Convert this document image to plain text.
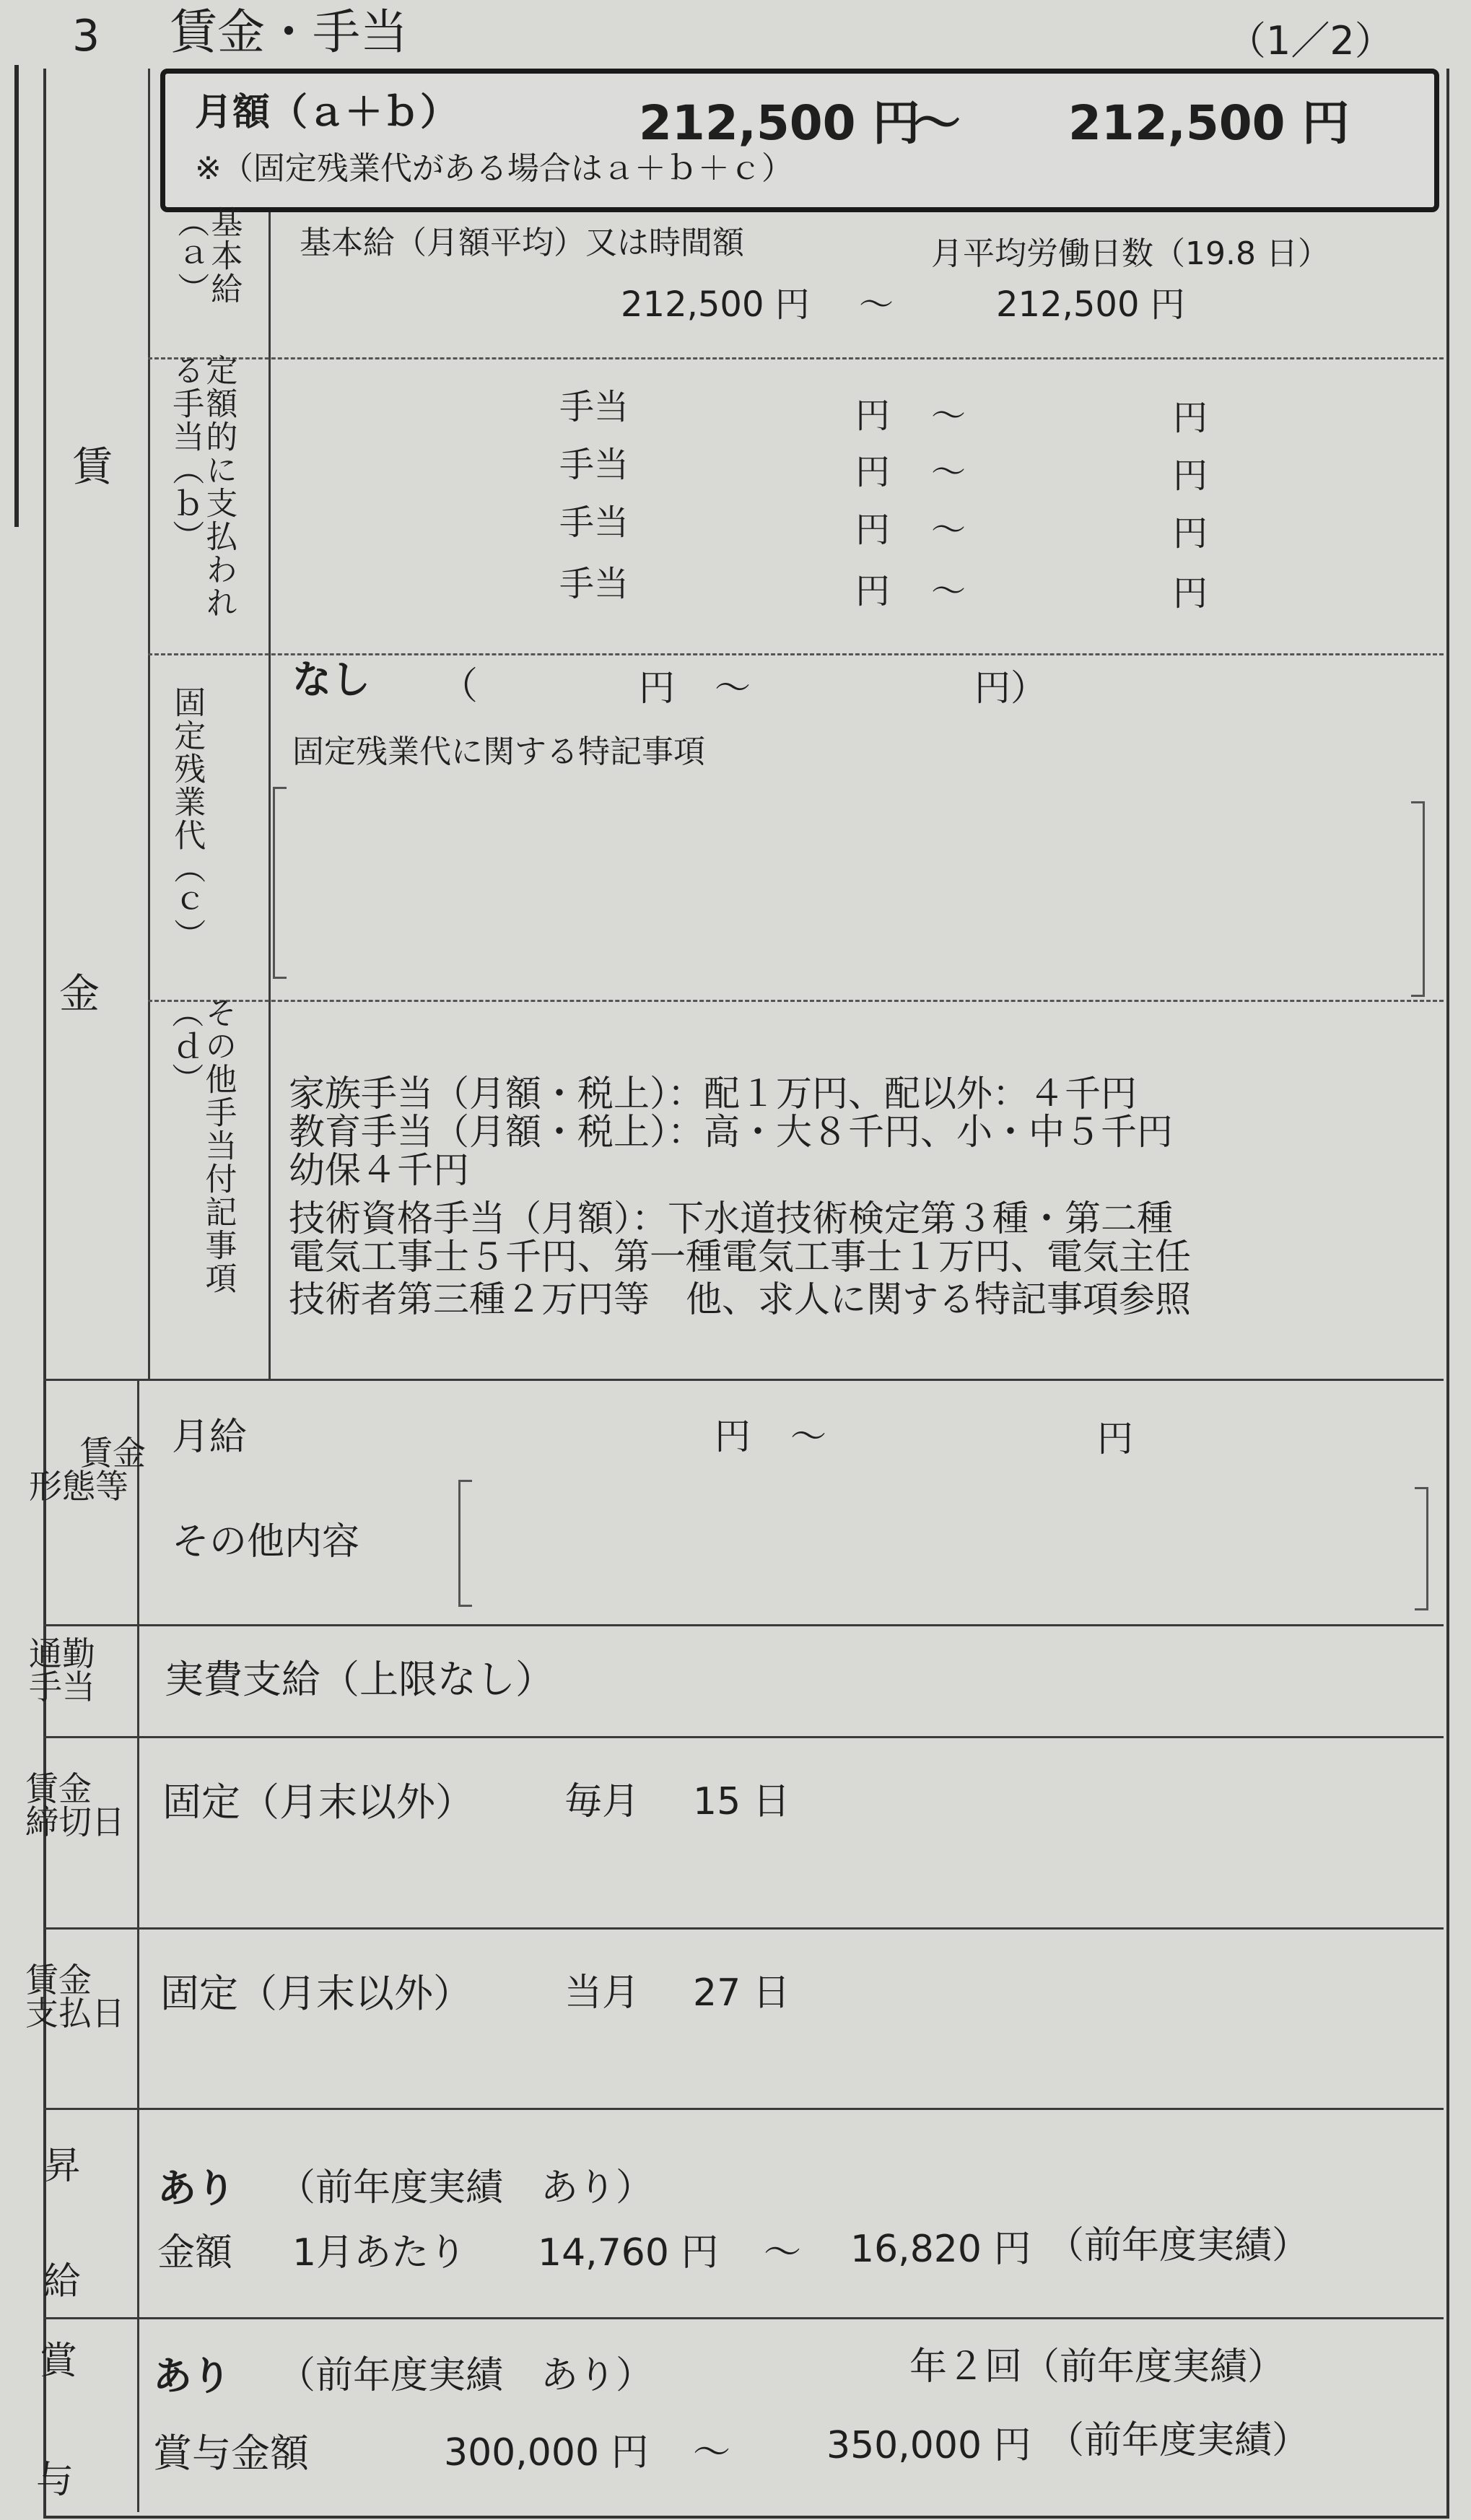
3 賃金・手当	（1／2）
賃
金
月額（ａ＋ｂ）	212,500 円
～ 212,500 円
※（固定残業代がある場合はａ＋ｂ＋ｃ）
基本給（ａ）	基本給（月額平均）又は時間額	月平均労働日数（19.8 日）
212,500 円 ～	212,500 円
定額的に支払われる手当（ｂ）	手当	円 ～	円
手当	円 ～	円
手当	円 ～	円
手当	円 ～	円
固定残業代（ｃ）
なし （	円 ～	円）
固定残業代に関する特記事項
その他手当付記事項（ｄ）	家族手当（月額・税上）：配１万円、配以外：４千円
教育手当（月額・税上）：高・大８千円、小・中５千円
幼保４千円
技術資格手当（月額）：下水道技術検定第３種・第二種
電気工事士５千円、第一種電気工事士１万円、電気主任
技術者第三種２万円等　他、求人に関する特記事項参照
賃金
形態等
月給	円 ～	円
その他内容
通勤
手当 実費支給（上限なし）
賃金
締切日 固定（月末以外） 毎月 15 日
賃金
支払日 固定（月末以外） 当月 27 日
昇
給
あり （前年度実績　あり）
金額 1月あたり 14,760 円 ～ 16,820 円 （前年度実績）
賞
与
あり （前年度実績　あり）	年２回（前年度実績）
賞与金額	300,000 円 ～	350,000 円 （前年度実績）
